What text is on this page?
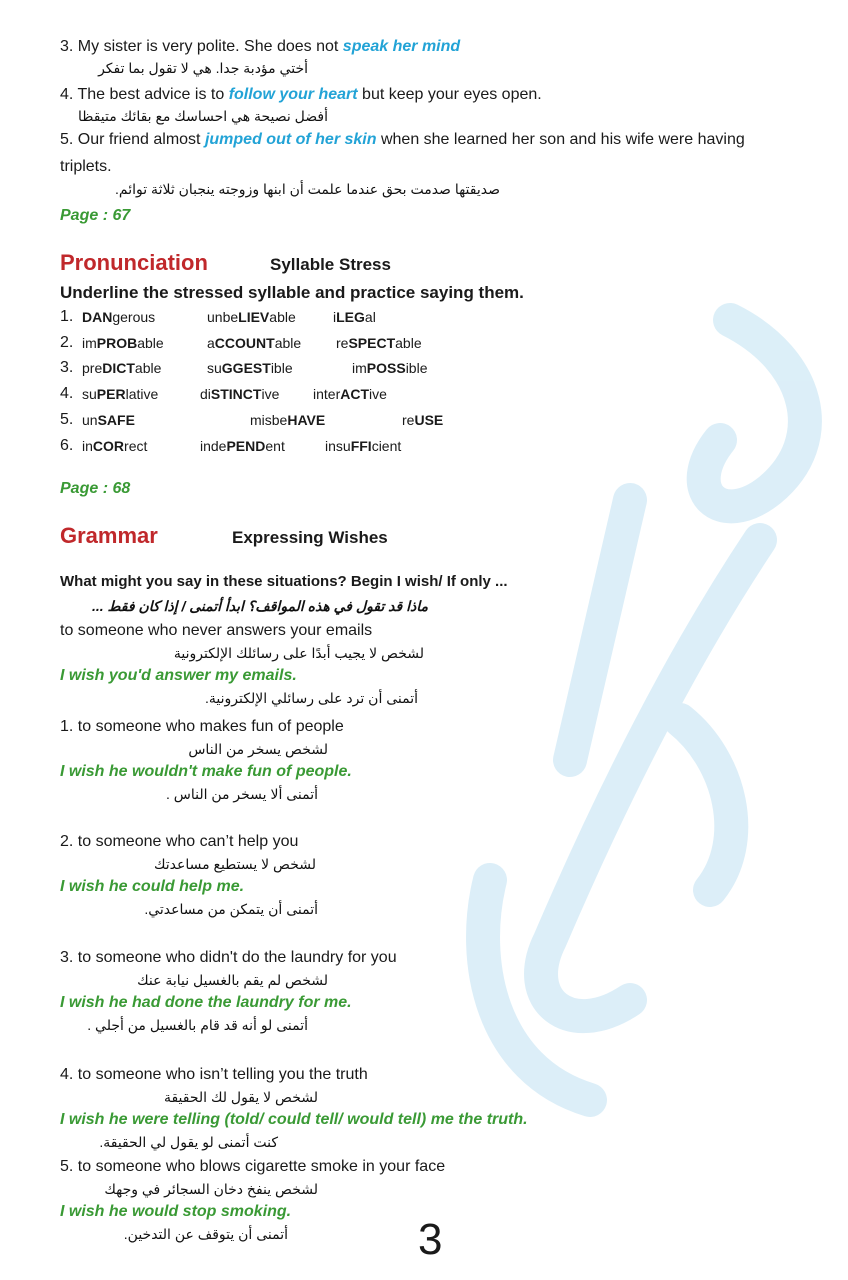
3. My sister is very polite. She does not speak her mind
أختي مؤدبة جدا. هي لا تقول بما تفكر
4. The best advice is to follow your heart but keep your eyes open.
أفضل نصيحة هي احساسك مع بقائك متيقظا
5. Our friend almost jumped out of her skin when she learned her son and his wife were having
triplets.
صديقتها صدمت بحق عندما علمت أن ابنها وزوجته ينجبان ثلاثة توائم.
Page : 67
Pronunciation	Syllable Stress
Underline the stressed syllable and practice saying them.
1. DANgerous	unbeLIEVable	iLEGal
2. imPROBable	aCCOUNTable reSPECTable
3. preDICTable	suGGESTible	imPOSSible
4. suPERlative	diSTINCTive interACTive
5. unSAFE	misbeHAVE	reUSE
6. inCORrect	indePENDent	insuFFIcient
Page : 68
Grammar	Expressing Wishes
What might you say in these situations? Begin I wish/ If only ...
ماذا قد تقول في هذه المواقف؟ ابدأ أتمنى / إذا كان فقط ...
to someone who never answers your emails
لشخص لا يجيب أبدًا على رسائلك الإلكترونية
I wish you'd answer my emails.
أتمنى أن ترد على رسائلي الإلكترونية.
1. to someone who makes fun of people
لشخص يسخر من الناس
I wish he wouldn't make fun of people.
أتمنى ألا يسخر من الناس .
2. to someone who can’t help you
لشخص لا يستطيع مساعدتك
I wish he could help me.
أتمنى أن يتمكن من مساعدتي.
3. to someone who didn't do the laundry for you
لشخص لم يقم بالغسيل نيابة عنك
I wish he had done the laundry for me.
أتمنى لو أنه قد قام بالغسيل من أجلي .
4. to someone who isn’t telling you the truth
لشخص لا يقول لك الحقيقة
I wish he were telling (told/ could tell/ would tell) me the truth.
كنت أتمنى لو يقول لي الحقيقة.
5. to someone who blows cigarette smoke in your face
لشخص ينفخ دخان السجائر في وجهك
I wish he would stop smoking.
أتمنى أن يتوقف عن التدخين.	3
